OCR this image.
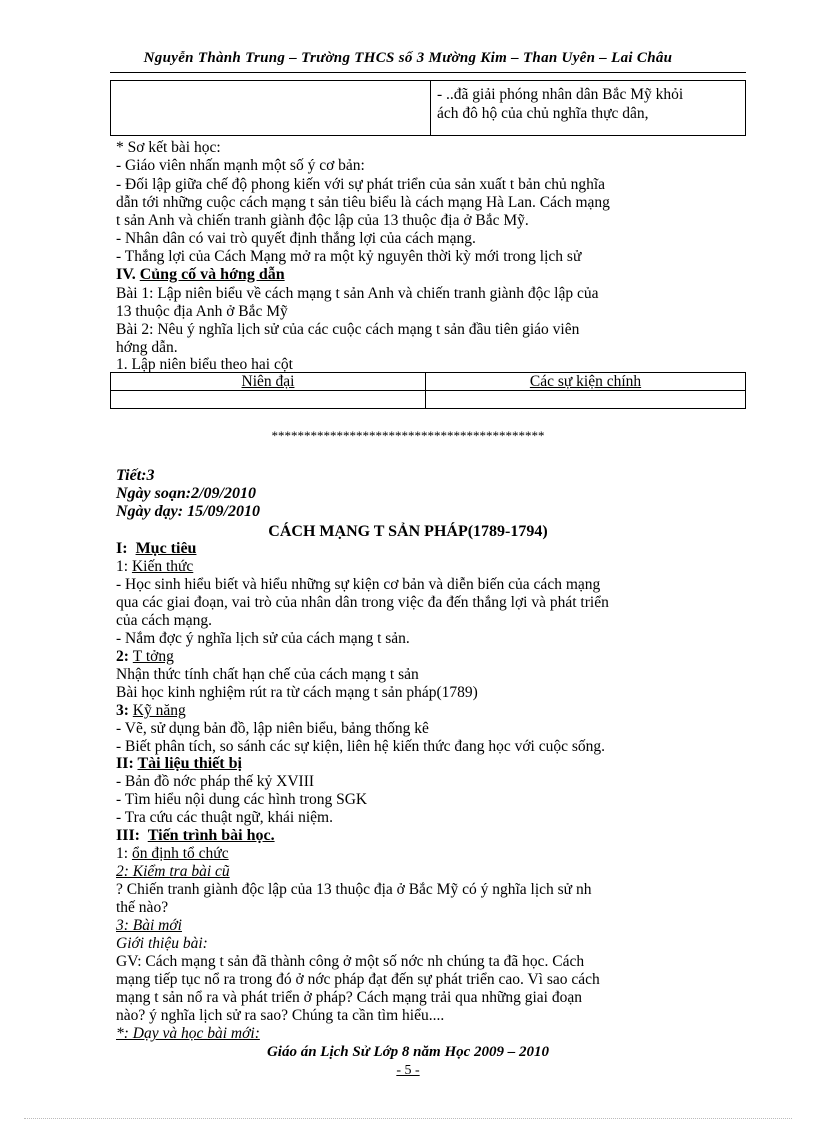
Nguyễn Thành Trung – Trường THCS số 3 Mường Kim – Than Uyên – Lai Châu

- ..đã giải phóng nhân dân Bắc Mỹ khỏi
ách đô hộ của chủ nghĩa thực dân,
* Sơ kết bài học:
- Giáo viên nhấn mạnh một số ý cơ bản:
- Đối lập giữa chế độ phong kiến với sự phát triển của sản xuất t bản chủ nghĩa
dẫn tới những cuộc cách mạng t sản tiêu biểu là cách mạng Hà Lan. Cách mạng
t sản Anh và chiến tranh giành độc lập của 13 thuộc địa ở Bắc Mỹ.
- Nhân dân có vai trò quyết định thắng lợi của cách mạng.
- Thắng lợi của Cách Mạng mở ra một kỷ nguyên thời kỳ mới trong lịch sử
IV. Củng cố và hớng dẫn
Bài 1: Lập niên biểu về cách mạng t sản Anh và chiến tranh giành độc lập của
13 thuộc địa Anh ở Bắc Mỹ
Bài 2: Nêu ý nghĩa lịch sử của các cuộc cách mạng t sản đầu tiên giáo viên
hớng dẫn.
1. Lập niên biểu theo hai cột
Niên đại	Các sự kiện chính

******************************************
Tiết:3
Ngày soạn:2/09/2010
Ngày dạy: 15/09/2010
CÁCH MẠNG T SẢN PHÁP(1789-1794)
I: Mục tiêu
1: Kiến thức
- Học sinh hiểu biết và hiểu những sự kiện cơ bản và diễn biến của cách mạng
qua các giai đoạn, vai trò của nhân dân trong việc đa đến thắng lợi và phát triển
của cách mạng.
- Nắm đợc ý nghĩa lịch sử của cách mạng t sản.
2: T tởng
Nhận thức tính chất hạn chế của cách mạng t sản
Bài học kinh nghiệm rút ra từ cách mạng t sản pháp(1789)
3: Kỹ năng
- Vẽ, sử dụng bản đồ, lập niên biểu, bảng thống kê
- Biết phân tích, so sánh các sự kiện, liên hệ kiến thức đang học với cuộc sống.
II: Tài liệu thiết bị
- Bản đồ nớc pháp thế kỷ XVIII
- Tìm hiểu nội dung các hình trong SGK
- Tra cứu các thuật ngữ, khái niệm.
III: Tiến trình bài học.
1: ổn định tổ chức
2: Kiểm tra bài cũ
? Chiến tranh giành độc lập của 13 thuộc địa ở Bắc Mỹ có ý nghĩa lịch sử nh
thế nào?
3: Bài mới
Giới thiệu bài:
GV: Cách mạng t sản đã thành công ở một số nớc nh chúng ta đã học. Cách
mạng tiếp tục nổ ra trong đó ở nớc pháp đạt đến sự phát triển cao. Vì sao cách
mạng t sản nổ ra và phát triển ở pháp? Cách mạng trải qua những giai đoạn
nào? ý nghĩa lịch sử ra sao? Chúng ta cần tìm hiểu....
*: Dạy và học bài mới:
Giáo án Lịch Sử Lớp 8 năm Học 2009 – 2010
- 5 -
